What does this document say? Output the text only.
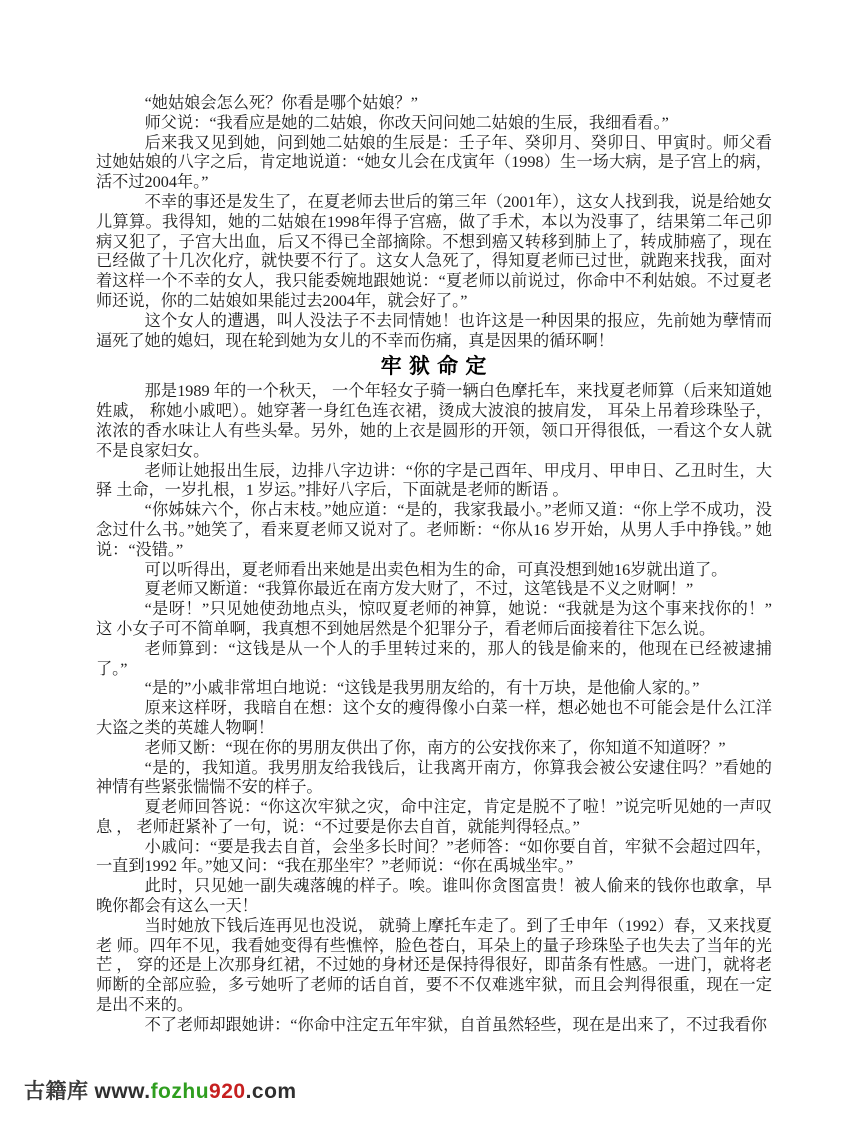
“她姑娘会怎么死？你看是哪个姑娘？”

师父说：“我看应是她的二姑娘，你改天问问她二姑娘的生辰，我细看看。”

后来我又见到她，问到她二姑娘的生辰是：壬子年、癸卯月、癸卯日、甲寅时。师父看过她姑娘的八字之后，肯定地说道：“她女儿会在戊寅年（1998）生一场大病，是子宫上的病，活不过2004年。”

不幸的事还是发生了，在夏老师去世后的第三年（2001年），这女人找到我，说是给她女儿算算。我得知，她的二姑娘在1998年得子宫癌，做了手术，本以为没事了，结果第二年己卯病又犯了，子宫大出血，后又不得已全部摘除。不想到癌又转移到肺上了，转成肺癌了，现在已经做了十几次化疗，就快要不行了。这女人急死了，得知夏老师已过世，就跑来找我，面对着这样一个不幸的女人，我只能委婉地跟她说：“夏老师以前说过，你命中不利姑娘。不过夏老师还说，你的二姑娘如果能过去2004年，就会好了。”

这个女人的遭遇，叫人没法子不去同情她！也许这是一种因果的报应，先前她为孽情而逼死了她的媳妇，现在轮到她为女儿的不幸而伤痛，真是因果的循环啊！

牢 狱 命 定

那是1989 年的一个秋天， 一个年轻女子骑一辆白色摩托车，来找夏老师算（后来知道她姓戚， 称她小戚吧）。她穿著一身红色连衣裙，烫成大波浪的披肩发， 耳朵上吊着珍珠坠子，浓浓的香水味让人有些头晕。另外，她的上衣是圆形的开领，领口开得很低，一看这个女人就不是良家妇女。

老师让她报出生辰，边排八字边讲：“你的字是己酉年、甲戌月、甲申日、乙丑时生，大驿 土命，一岁扎根，1 岁运。”排好八字后，下面就是老师的断语 。

“你姊妹六个，你占末枝。”她应道：“是的，我家我最小。”老师又道：“你上学不成功，没念过什么书。”她笑了，看来夏老师又说对了。老师断：“你从16 岁开始，从男人手中挣钱。” 她说：“没错。”

可以听得出，夏老师看出来她是出卖色相为生的命，可真没想到她16岁就出道了。

夏老师又断道：“我算你最近在南方发大财了，不过，这笔钱是不义之财啊！”

“是呀！”只见她使劲地点头，惊叹夏老师的神算，她说：“我就是为这个事来找你的！”这 小女子可不简单啊，我真想不到她居然是个犯罪分子，看老师后面接着往下怎么说。

老师算到：“这钱是从一个人的手里转过来的，那人的钱是偷来的，他现在已经被逮捕了。”

“是的”小戚非常坦白地说：“这钱是我男朋友给的，有十万块，是他偷人家的。”

原来这样呀，我暗自在想：这个女的瘦得像小白菜一样，想必她也不可能会是什么江洋大盗之类的英雄人物啊！

老师又断：“现在你的男朋友供出了你，南方的公安找你来了，你知道不知道呀？”

“是的，我知道。我男朋友给我钱后，让我离开南方，你算我会被公安逮住吗？”看她的神情有些紧张惴惴不安的样子。

夏老师回答说：“你这次牢狱之灾，命中注定，肯定是脱不了啦！”说完听见她的一声叹息 ， 老师赶紧补了一句，说：“不过要是你去自首，就能判得轻点。”

小戚问：“要是我去自首，会坐多长时间？”老师答：“如你要自首，牢狱不会超过四年，一直到1992 年。”她又问：“我在那坐牢？”老师说：“你在禹城坐牢。”

此时，只见她一副失魂落魄的样子。唉。谁叫你贪图富贵！被人偷来的钱你也敢拿，早晚你都会有这么一天！

当时她放下钱后连再见也没说， 就骑上摩托车走了。到了壬申年（1992）春，又来找夏老 师。四年不见，我看她变得有些憔悴，脸色苍白，耳朵上的量子珍珠坠子也失去了当年的光芒 ， 穿的还是上次那身红裙，不过她的身材还是保持得很好，即苗条有性感。一进门，就将老师断的全部应验，多亏她听了老师的话自首，要不不仅难逃牢狱，而且会判得很重，现在一定是出不来的。

不了老师却跟她讲：“你命中注定五年牢狱，自首虽然轻些，现在是出来了，不过我看你

古籍库 www.fozhu920.com
